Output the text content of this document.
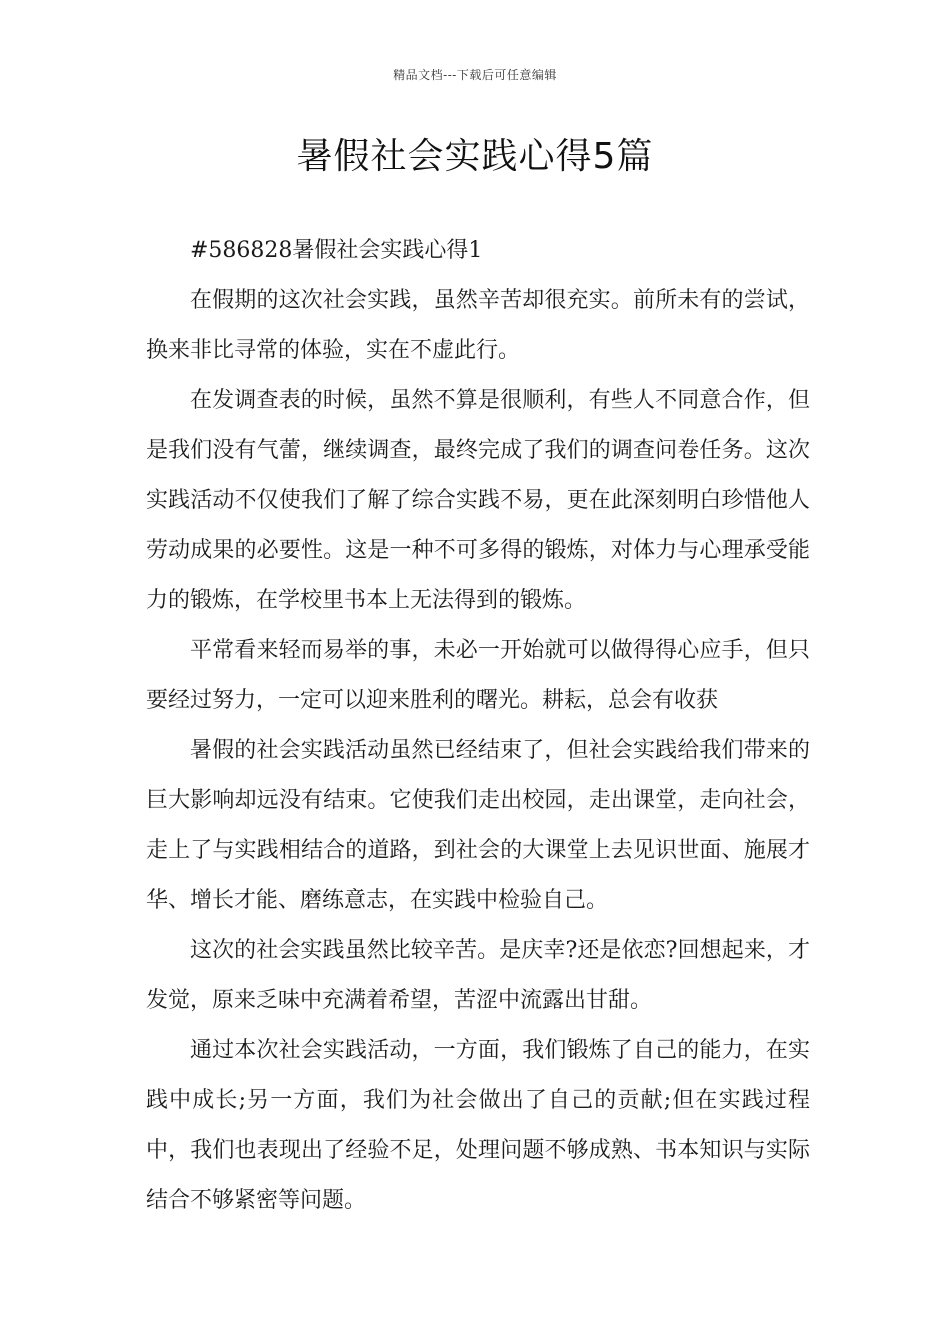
精品文档---下载后可任意编辑
暑假社会实践心得5篇

#586828暑假社会实践心得1

在假期的这次社会实践，虽然辛苦却很充实。前所未有的尝试，换来非比寻常的体验，实在不虚此行。

在发调查表的时候，虽然不算是很顺利，有些人不同意合作，但是我们没有气蕾，继续调查，最终完成了我们的调查问卷任务。这次实践活动不仅使我们了解了综合实践不易，更在此深刻明白珍惜他人劳动成果的必要性。这是一种不可多得的锻炼，对体力与心理承受能力的锻炼，在学校里书本上无法得到的锻炼。

平常看来轻而易举的事，未必一开始就可以做得得心应手，但只要经过努力，一定可以迎来胜利的曙光。耕耘，总会有收获

暑假的社会实践活动虽然已经结束了，但社会实践给我们带来的巨大影响却远没有结束。它使我们走出校园，走出课堂，走向社会，走上了与实践相结合的道路，到社会的大课堂上去见识世面、施展才华、增长才能、磨练意志，在实践中检验自己。

这次的社会实践虽然比较辛苦。是庆幸?还是依恋?回想起来，才发觉，原来乏味中充满着希望，苦涩中流露出甘甜。

通过本次社会实践活动，一方面，我们锻炼了自己的能力，在实践中成长;另一方面，我们为社会做出了自己的贡献;但在实践过程中，我们也表现出了经验不足，处理问题不够成熟、书本知识与实际结合不够紧密等问题。
